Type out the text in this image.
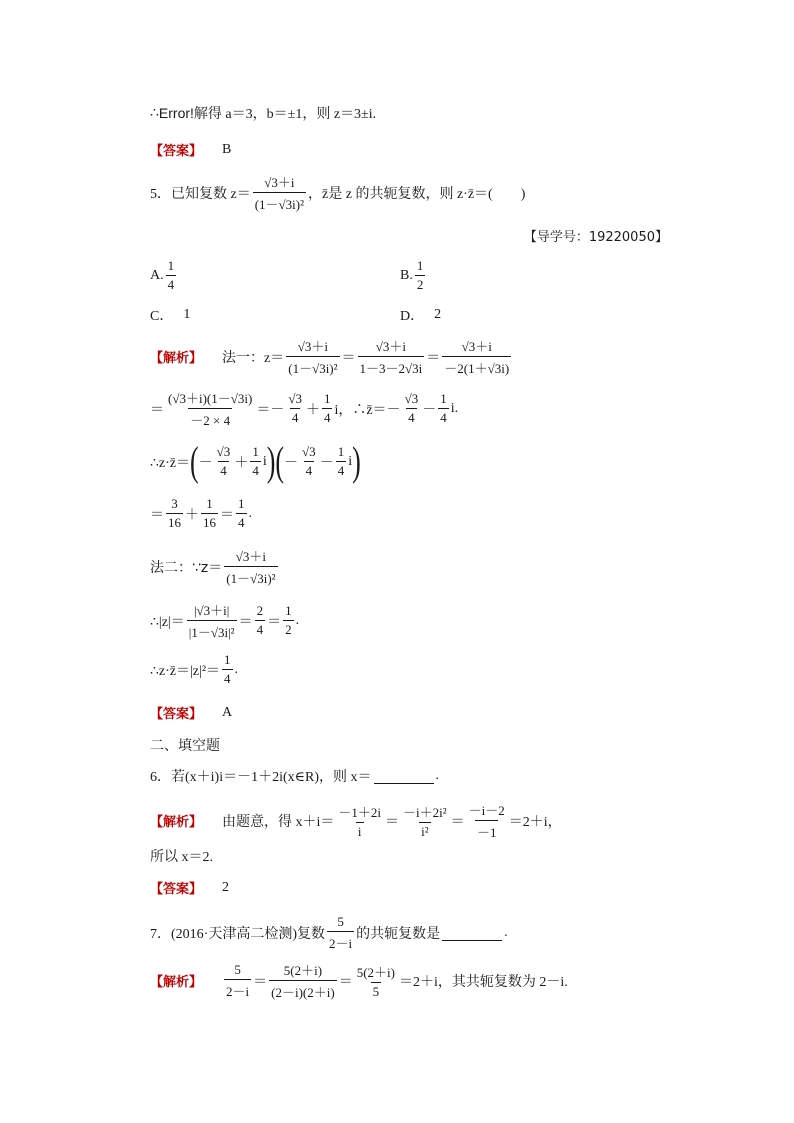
∴ Error! 解得 a＝3，b＝±1，则 z＝3±i.
【答案】 B
5．已知复数 $z= \frac{√3+i}{\text{(1－√3i)²}}$ ，z̄是 z 的共轭复数，则 z·z̄＝(　　)
【导学号：19220050】
A. $\frac{1}{4}$	B. $\frac{1}{2}$
C． 1	D． 2
【解析】 法一：$z= \frac{√3+i}{\text{(1－√3i)²}} = \frac{√3+i}{1-3-2√3i} = \frac{√3+i}{-2(1+√3i)}$
＝ $\frac{(√3+i)(1-√3i)}{-2 \times 4} =- \frac{√3}{4} + \frac{1}{4}$ i，∴z̄＝－ $\frac{√3}{4} - \frac{1}{4} i$.
∴z·z̄＝ ( － $\frac{√3}{4} + \frac{1}{4}$ i ) ( － $\frac{√3}{4} - \frac{1}{4}$ i )
＝ $\frac{3}{16} + \frac{1}{16} = \frac{1}{4}$ .
法二：∵z＝ $\frac{√3+i}{\text{(1－√3i)²}}$
∴|z|＝ $\frac{|√3+i|}{\text{|1－√3i|²}} = \frac{2}{4} = \frac{1}{2}$ .
∴z·z̄＝|z|²＝ $\frac{1}{4}$ .
【答案】 A
二、填空题
6．若(x＋i)i＝－1＋2i(x∈R)，则 x＝	.
【解析】 由题意，得 $x+i= \frac{-1+2i}{i} = \frac{\text{－i＋2i²}}{\text{i²}} = \frac{-i-2}{-1} =2+i$，
所以 x＝2.
【答案】 2
7．(2016·天津高二检测)复数 $\frac{5}{2-i}$ 的共轭复数是	.
【解析】 $\frac{5}{2-i} = \frac{5(2+i)}{(2-i)(2+i)} = \frac{5(2+i)}{5} =2+i$，其共轭复数为 2－i.
